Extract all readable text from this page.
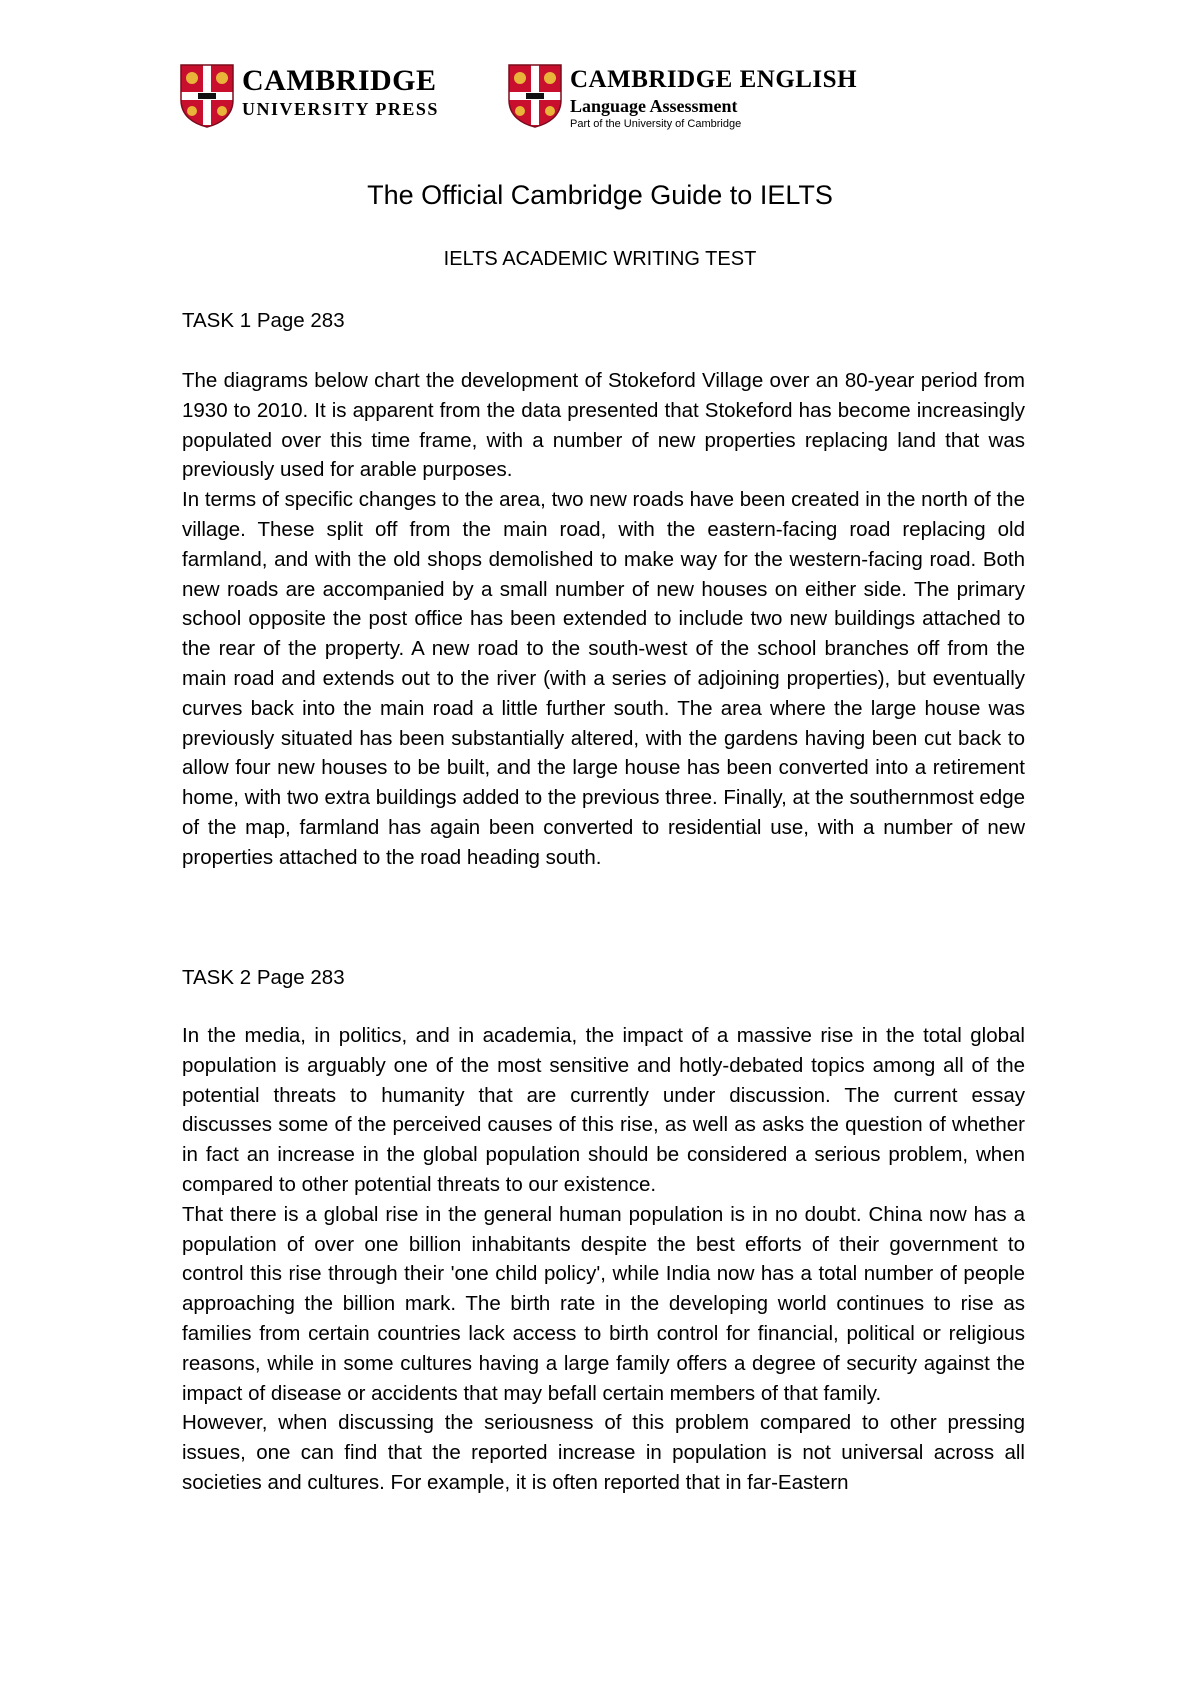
CAMBRIDGE
UNIVERSITY PRESS
CAMBRIDGE ENGLISH
Language Assessment
Part of the University of Cambridge
The Official Cambridge Guide to IELTS
IELTS ACADEMIC WRITING TEST
TASK 1 Page 283

The diagrams below chart the development of Stokeford Village over an 80-year period from 1930 to 2010. It is apparent from the data presented that Stokeford has become increasingly populated over this time frame, with a number of new properties replacing land that was previously used for arable purposes.

In terms of specific changes to the area, two new roads have been created in the north of the village. These split off from the main road, with the eastern-facing road replacing old farmland, and with the old shops demolished to make way for the western-facing road. Both new roads are accompanied by a small number of new houses on either side. The primary school opposite the post office has been extended to include two new buildings attached to the rear of the property. A new road to the south-west of the school branches off from the main road and extends out to the river (with a series of adjoining properties), but eventually curves back into the main road a little further south. The area where the large house was previously situated has been substantially altered, with the gardens having been cut back to allow four new houses to be built, and the large house has been converted into a retirement home, with two extra buildings added to the previous three. Finally, at the southernmost edge of the map, farmland has again been converted to residential use, with a number of new properties attached to the road heading south.

TASK 2 Page 283

In the media, in politics, and in academia, the impact of a massive rise in the total global population is arguably one of the most sensitive and hotly-debated topics among all of the potential threats to humanity that are currently under discussion. The current essay discusses some of the perceived causes of this rise, as well as asks the question of whether in fact an increase in the global population should be considered a serious problem, when compared to other potential threats to our existence.

That there is a global rise in the general human population is in no doubt. China now has a population of over one billion inhabitants despite the best efforts of their government to control this rise through their 'one child policy', while India now has a total number of people approaching the billion mark. The birth rate in the developing world continues to rise as families from certain countries lack access to birth control for financial, political or religious reasons, while in some cultures having a large family offers a degree of security against the impact of disease or accidents that may befall certain members of that family.

However, when discussing the seriousness of this problem compared to other pressing issues, one can find that the reported increase in population is not universal across all societies and cultures. For example, it is often reported that in far-Eastern
